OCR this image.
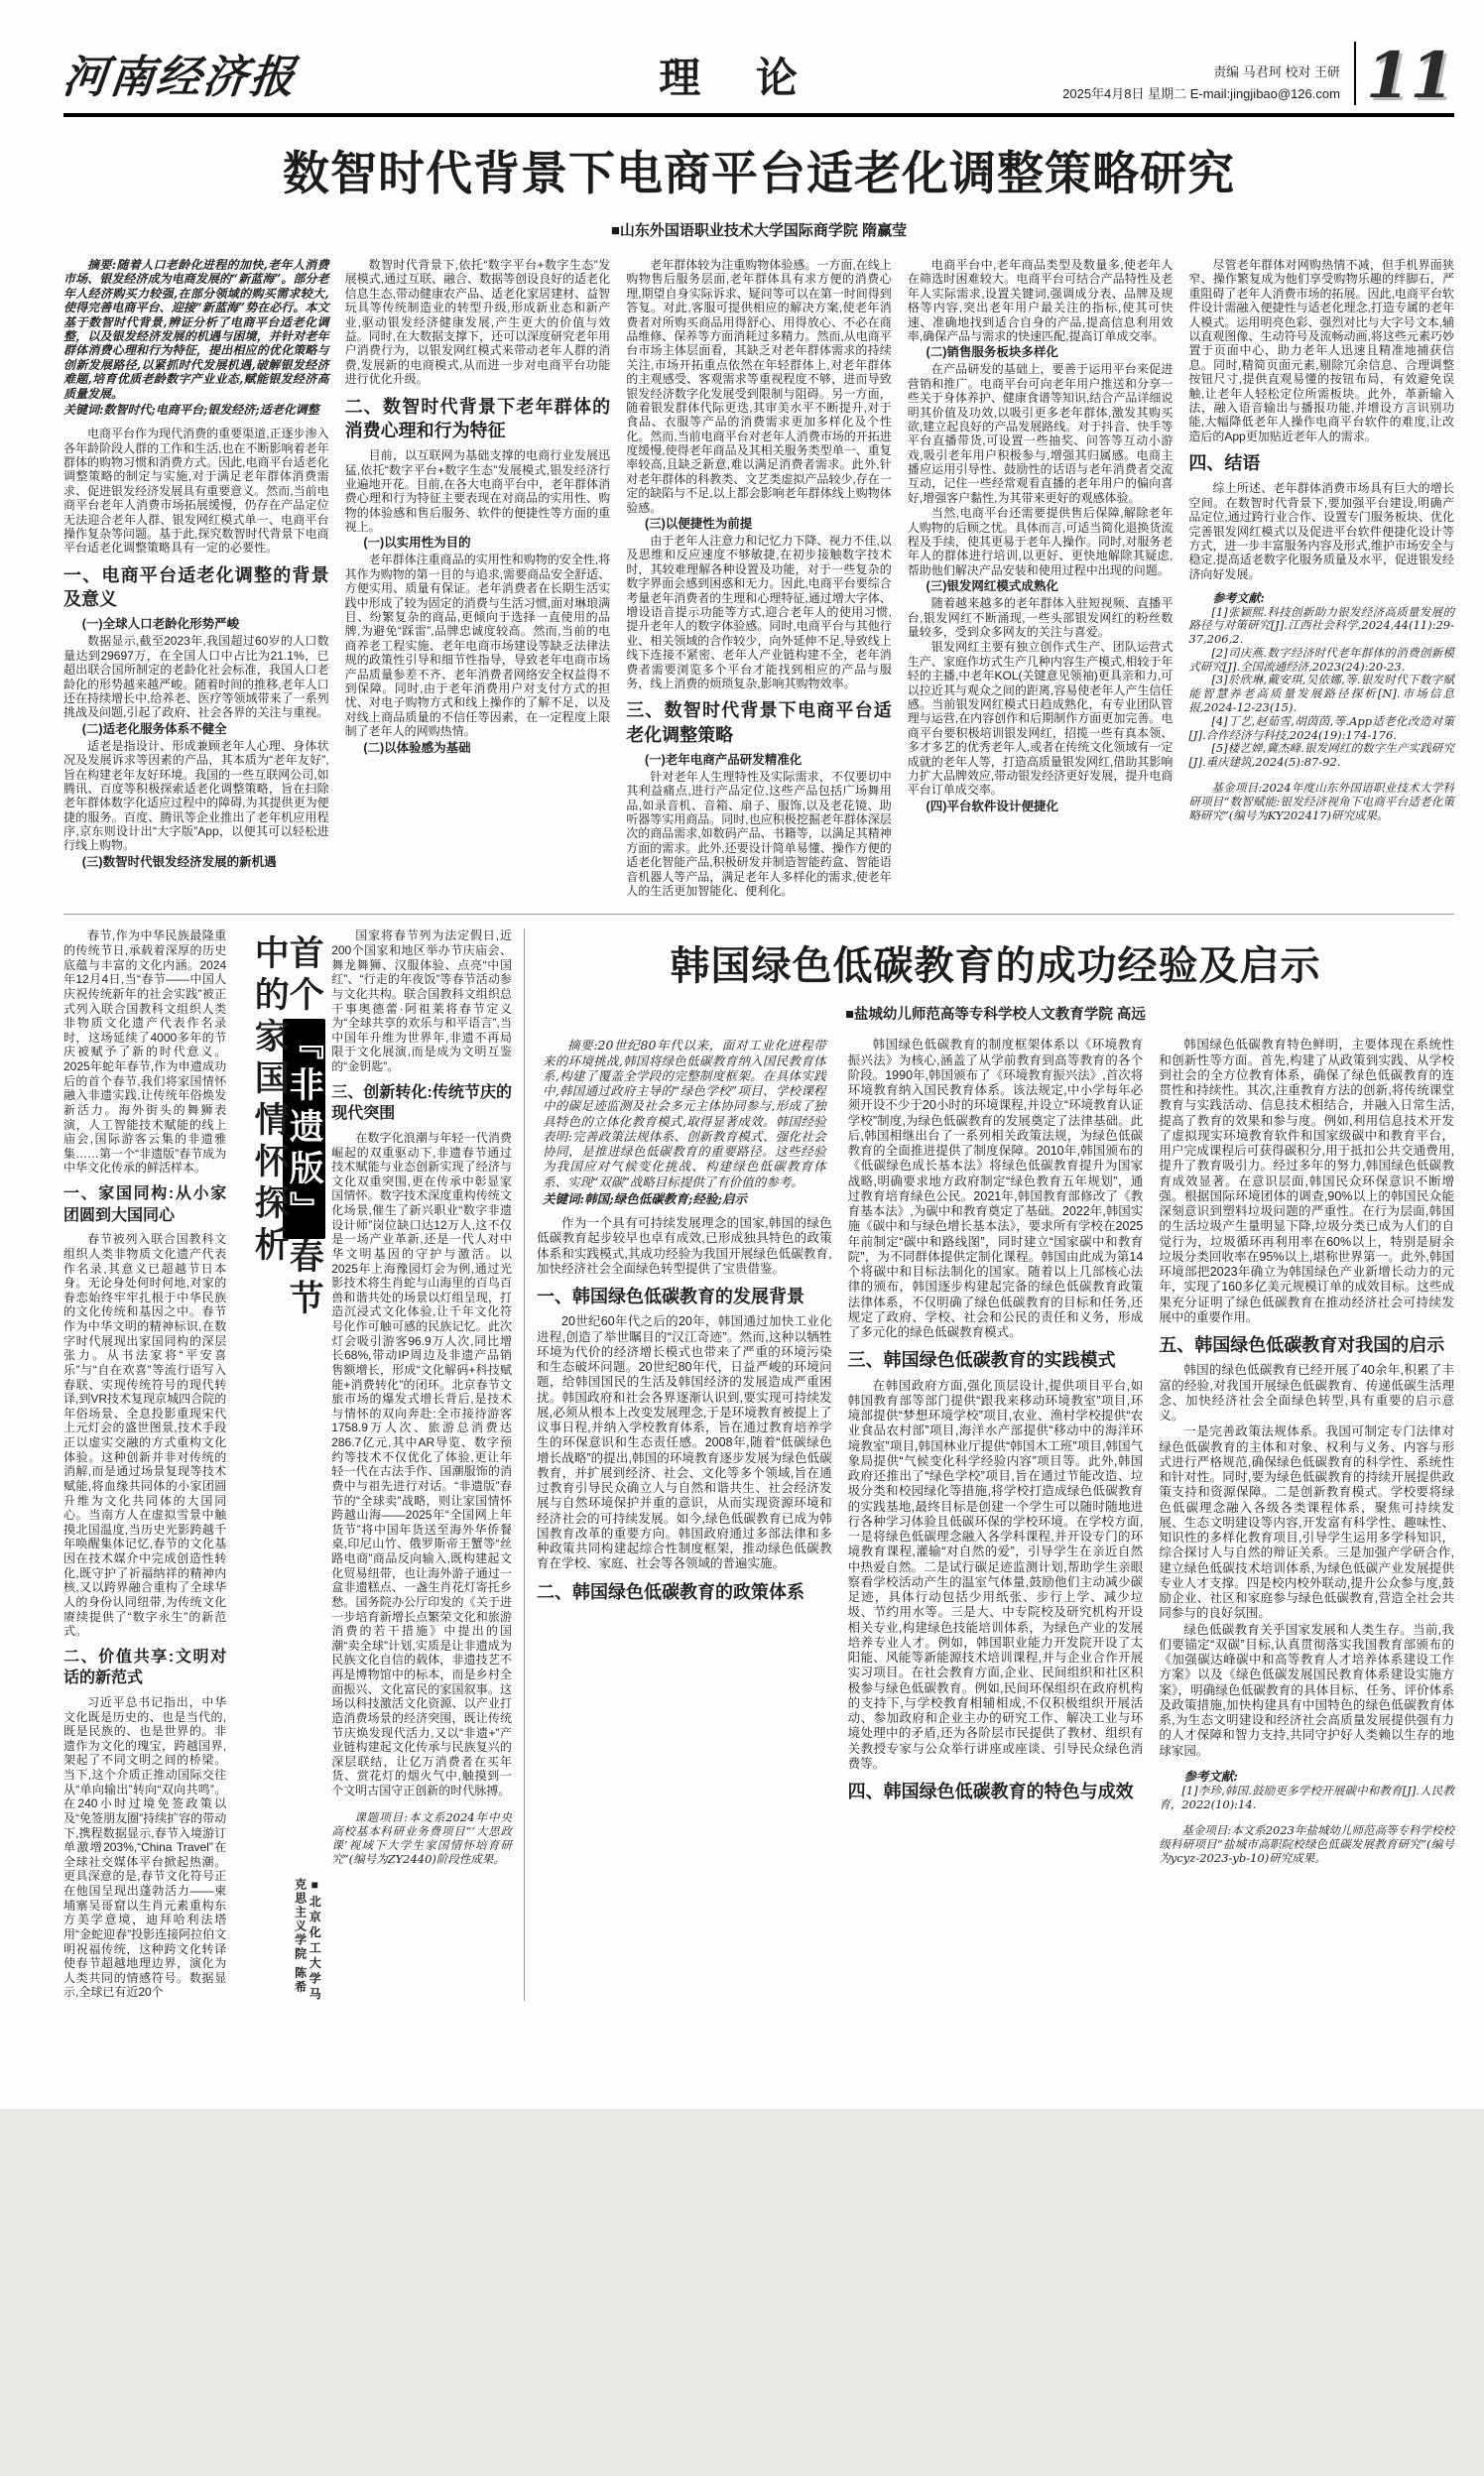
河南经济报	理 论	责编 马君珂 校对 王研
2025年4月8日 星期二 E-mail:jingjibao@126.com 11
数智时代背景下电商平台适老化调整策略研究
■山东外国语职业技术大学国际商学院 隋赢莹
摘要:随着人口老龄化进程的加快,老年人消费市场、银发经济成为电商发展的“新蓝海”。部分老年人经济购买力较强,在部分领域的购买需求较大,使得完善电商平台、迎接“新蓝海”势在必行。本文基于数智时代背景,辨证分析了电商平台适老化调整，以及银发经济发展的机遇与困境，并针对老年群体消费心理和行为特征，提出相应的优化策略与创新发展路径,以紧抓时代发展机遇,破解银发经济难题,培育优质老龄数字产业业态,赋能银发经济高质量发展。
关键词:数智时代;电商平台;银发经济;适老化调整
电商平台作为现代消费的重要渠道,正逐步渗入各年龄阶段人群的工作和生活,也在不断影响着老年群体的购物习惯和消费方式。因此,电商平台适老化调整策略的制定与实施,对于满足老年群体消费需求、促进银发经济发展具有重要意义。然而,当前电商平台老年人消费市场拓展缓慢，仍存在产品定位无法迎合老年人群、银发网红模式单一、电商平台操作复杂等问题。基于此,探究数智时代背景下电商平台适老化调整策略具有一定的必要性。
一、电商平台适老化调整的背景及意义
(一)全球人口老龄化形势严峻
数据显示,截至2023年,我国超过60岁的人口数量达到29697万，在全国人口中占比为21.1%，已超出联合国所制定的老龄化社会标准，我国人口老龄化的形势越来越严峻。随着时间的推移,老年人口还在持续增长中,给养老、医疗等领域带来了一系列挑战及问题,引起了政府、社会各界的关注与重视。
(二)适老化服务体系不健全
适老是指设计、形成兼顾老年人心理、身体状况及发展诉求等因素的产品，其本质为“老年友好”,旨在构建老年友好环境。我国的一些互联网公司,如腾讯、百度等积极探索适老化调整策略，旨在扫除老年群体数字化适应过程中的障碍,为其提供更为便捷的服务。百度、腾讯等企业推出了老年机应用程序,京东则设计出“大字版”App，以便其可以轻松进行线上购物。
(三)数智时代银发经济发展的新机遇
数智时代背景下,依托“数字平台+数字生态”发展模式,通过互联、融合、数据等创设良好的适老化信息生态,带动健康农产品、适老化家居建材、益智玩具等传统制造业的转型升级,形成新业态和新产业,驱动银发经济健康发展,产生更大的价值与效益。同时,在大数据支撑下，还可以深度研究老年用户消费行为，以银发网红模式来带动老年人群的消费,发展新的电商模式,从而进一步对电商平台功能进行优化升级。
二、数智时代背景下老年群体的消费心理和行为特征
目前，以互联网为基础支撑的电商行业发展迅猛,依托“数字平台+数字生态”发展模式,银发经济行业遍地开花。目前,在各大电商平台中，老年群体消费心理和行为特征主要表现在对商品的实用性、购物的体验感和售后服务、软件的便捷性等方面的重视上。
(一)以实用性为目的
老年群体注重商品的实用性和购物的安全性,将其作为购物的第一目的与追求,需要商品安全舒适、方便实用、质量有保证。老年消费者在长期生活实践中形成了较为固定的消费与生活习惯,面对琳琅满目、纷繁复杂的商品,更倾向于选择一直使用的品牌,为避免“踩雷”,品牌忠诚度较高。然而,当前的电商养老工程实施、老年电商市场建设等缺乏法律法规的政策性引导和细节性指导，导致老年电商市场产品质量参差不齐、老年消费者网络安全权益得不到保障。同时,由于老年消费用户对支付方式的担忧、对电子购物方式和线上操作的了解不足，以及对线上商品质量的不信任等因素，在一定程度上限制了老年人的网购热情。
(二)以体验感为基础
老年群体较为注重购物体验感。一方面,在线上购物售后服务层面,老年群体具有求方便的消费心理,期望自身实际诉求、疑问等可以在第一时间得到答复。对此,客服可提供相应的解决方案,使老年消费者对所购买商品用得舒心、用得放心、不必在商品维修、保养等方面消耗过多精力。然而,从电商平台市场主体层面看，其缺乏对老年群体需求的持续关注,市场开拓重点依然在年轻群体上,对老年群体的主观感受、客观需求等重视程度不够，进而导致银发经济数字化发展受到限制与阻碍。另一方面，随着银发群体代际更迭,其审美水平不断提升,对于食品、衣服等产品的消费需求更加多样化及个性化。然而,当前电商平台对老年人消费市场的开拓进度缓慢,使得老年商品及其相关服务类型单一、重复率较高,且缺乏新意,难以满足消费者需求。此外,针对老年群体的科教类、文艺类虚拟产品较少,存在一定的缺陷与不足,以上都会影响老年群体线上购物体验感。
(三)以便捷性为前提
由于老年人注意力和记忆力下降、视力不佳,以及思维和反应速度不够敏捷,在初步接触数字技术时，其较难理解各种设置及功能，对于一些复杂的数字界面会感到困惑和无力。因此,电商平台要综合考量老年消费者的生理和心理特征,通过增大字体、增设语音提示功能等方式,迎合老年人的使用习惯,提升老年人的数字体验感。同时,电商平台与其他行业、相关领域的合作较少，向外延伸不足,导致线上线下连接不紧密、老年人产业链构建不全，老年消费者需要浏览多个平台才能找到相应的产品与服务，线上消费的烦琐复杂,影响其购物效率。
三、数智时代背景下电商平台适老化调整策略
(一)老年电商产品研发精准化
针对老年人生理特性及实际需求，不仅要切中其利益痛点,进行产品定位,这些产品包括广场舞用品,如录音机、音箱、扇子、服饰,以及老花镜、助听器等实用商品。同时,也应积极挖掘老年群体深层次的商品需求,如数码产品、书籍等，以满足其精神方面的需求。此外,还要设计简单易懂、操作方便的适老化智能产品,积极研发并制造智能药盒、智能语音机器人等产品，满足老年人多样化的需求,使老年人的生活更加智能化、便利化。
电商平台中,老年商品类型及数量多,使老年人在筛选时困难较大。电商平台可结合产品特性及老年人实际需求,设置关键词,强调成分表、品牌及规格等内容,突出老年用户最关注的指标,使其可快速、准确地找到适合自身的产品,提高信息利用效率,确保产品与需求的快速匹配,提高订单成交率。
(二)销售服务板块多样化
在产品研发的基础上，要善于运用平台来促进营销和推广。电商平台可向老年用户推送和分享一些关于身体养护、健康食谱等知识,结合产品详细说明其价值及功效,以吸引更多老年群体,激发其购买欲,建立起良好的产品发展路线。对于抖音、快手等平台直播带货,可设置一些抽奖、问答等互动小游戏,吸引老年用户积极参与,增强其归属感。电商主播应运用引导性、鼓励性的话语与老年消费者交流互动，记住一些经常观看直播的老年用户的偏向喜好,增强客户黏性,为其带来更好的观感体验。
当然,电商平台还需要提供售后保障,解除老年人购物的后顾之忧。具体而言,可适当简化退换货流程及手续，使其更易于老年人操作。同时,对服务老年人的群体进行培训,以更好、更快地解除其疑虑,帮助他们解决产品安装和使用过程中出现的问题。
(三)银发网红模式成熟化
随着越来越多的老年群体入驻短视频、直播平台,银发网红不断涌现,一些头部银发网红的粉丝数量较多，受到众多网友的关注与喜爱。
银发网红主要有独立创作式生产、团队运营式生产、家庭作坊式生产几种内容生产模式,相较于年轻的主播,中老年KOL(关键意见领袖)更具亲和力,可以拉近其与观众之间的距离,容易使老年人产生信任感。当前银发网红模式日趋成熟化，有专业团队管理与运营,在内容创作和后期制作方面更加完善。电商平台要积极培训银发网红，招揽一些有真本领、多才多艺的优秀老年人,或者在传统文化领域有一定成就的老年人等，打造高质量银发网红,借助其影响力扩大品牌效应,带动银发经济更好发展，提升电商平台订单成交率。
(四)平台软件设计便捷化
尽管老年群体对网购热情不减，但手机界面狭窄、操作繁复成为他们享受购物乐趣的绊脚石，严重阻碍了老年人消费市场的拓展。因此,电商平台软件设计需融入便捷性与适老化理念,打造专属的老年人模式。运用明亮色彩、强烈对比与大字号文本,辅以直观图像、生动符号及流畅动画,将这些元素巧妙置于页面中心，助力老年人迅速且精准地捕获信息。同时,精简页面元素,剔除冗余信息、合理调整按钮尺寸,提供直观易懂的按钮布局，有效避免误触,让老年人轻松定位所需板块。此外，革新输入法，融入语音输出与播报功能,并增设方言识别功能,大幅降低老年人操作电商平台软件的难度,让改造后的App更加贴近老年人的需求。
四、结语
综上所述、老年群体消费市场具有巨大的增长空间。在数智时代背景下,要加强平台建设,明确产品定位,通过跨行业合作、设置专门服务板块、优化完善银发网红模式以及促进平台软件便捷化设计等方式，进一步丰富服务内容及形式,维护市场安全与稳定,提高适老数字化服务质量及水平，促进银发经济向好发展。
参考文献:
[1]张颖熙.科技创新助力银发经济高质量发展的路径与对策研究[J].江西社会科学,2024,44(11):29-37,206,2.
[2]司庆燕.数字经济时代老年群体的消费创新模式研究[J].全国流通经济,2023(24):20-23.
[3]於欣琳,戴安琪,吴依娜,等.银发时代下数字赋能智慧养老高质量发展路径探析[N].市场信息报,2024-12-23(15).
[4]丁艺,赵茹雪,胡茵茵,等.App适老化改造对策[J].合作经济与科技,2024(19):174-176.
[5]楼艺婵,冀杰峰.银发网红的数字生产实践研究[J].重庆建筑,2024(5):87-92.
基金项目:2024年度山东外国语职业技术大学科研项目“数智赋能:银发经济视角下电商平台适老化策略研究”(编号为KY202417)研究成果。
春节,作为中华民族最隆重的传统节日,承载着深厚的历史底蕴与丰富的文化内涵。2024年12月4日,当“春节——中国人庆祝传统新年的社会实践”被正式列入联合国教科文组织人类非物质文化遗产代表作名录时，这场延续了4000多年的节庆被赋予了新的时代意义。2025年蛇年春节,作为申遗成功后的首个春节,我们将家国情怀融入非遗实践,让传统年俗焕发新活力。海外街头的舞狮表演，人工智能技术赋能的线上庙会,国际游客云集的非遗雅集……第一个“非遗版”春节成为中华文化传承的鲜活样本。
一、家国同构:从小家团圆到大国同心
春节被列入联合国教科文组织人类非物质文化遗产代表作名录,其意义已超越节日本身。无论身处何时何地,对家的眷恋始终牢牢扎根于中华民族的文化传统和基因之中。春节作为中华文明的精神标识,在数字时代展现出家国同构的深层张力。从书法家将“平安喜乐”与“自在欢喜”等流行语写入春联、实现传统符号的现代转译,到VR技术复现京城四合院的年俗场景、全息投影重现宋代上元灯会的盛世图景,技术手段正以虚实交融的方式重构文化体验。这种创新并非对传统的消解,而是通过场景复现等技术赋能,将血缘共同体的小家团圆升维为文化共同体的大国同心。当南方人在虚拟雪景中触摸北国温度,当历史光影跨越千年唤醒集体记忆,春节的文化基因在技术媒介中完成创造性转化,既守护了祈福纳祥的精神内核,又以跨界融合重构了全球华人的身份认同纽带,为传统文化赓续提供了“数字永生”的新范式。
二、价值共享:文明对话的新范式
习近平总书记指出，中华文化既是历史的、也是当代的,既是民族的、也是世界的。非遗作为文化的瑰宝，跨越国界,架起了不同文明之间的桥梁。当下,这个介质正推动国际交往从“单向输出”转向“双向共鸣”。在240小时过境免签政策以及“免签朋友圈”持续扩容的带动下,携程数据显示,春节入境游订单激增203%,“China Travel”在全球社交媒体平台掀起热潮。更具深意的是,春节文化符号正在他国呈现出蓬勃活力——柬埔寨吴哥窟以生肖元素重构东方美学意境，迪拜哈利法塔用“金蛇迎春”投影连接阿拉伯文明祝福传统，这种跨文化转译使春节超越地理边界，演化为人类共同的情感符号。数据显示,全球已有近20个
首个『非遗版』春节中的家国情怀探析
■北京化工大学马克思主义学院 陈希
国家将春节列为法定假日,近200个国家和地区举办节庆庙会、舞龙舞狮、汉服体验、点亮“中国红”、“行走的年夜饭”等春节活动参与文化共构。联合国教科文组织总干事奥德蕾·阿祖莱将春节定义为“全球共享的欢乐与和平语言”,当中国年升维为世界年,非遗不再局限于文化展演,而是成为文明互鉴的“金钥匙”。
三、创新转化:传统节庆的现代突围
在数字化浪潮与年轻一代消费崛起的双重驱动下,非遗春节通过技术赋能与业态创新实现了经济与文化双重突围,更在传承中彰显家国情怀。数字技术深度重构传统文化场景,催生了新兴职业“数字非遗设计师”岗位缺口达12万人,这不仅是一场产业革新,还是一代人对中华文明基因的守护与激活。以2025年上海豫园灯会为例,通过光影技术将生肖蛇与山海里的百鸟百兽和谐共处的场景以灯组呈现，打造沉浸式文化体验,让千年文化符号化作可触可感的民族记忆。此次灯会吸引游客96.9万人次,同比增长68%,带动IP周边及非遗产品销售额增长，形成“文化解码+科技赋能+消费转化”的闭环。北京春节文旅市场的爆发式增长背后,是技术与情怀的双向奔赴:全市接待游客1758.9万人次、旅游总消费达286.7亿元,其中AR导览、数字预约等技术不仅优化了体验,更让年轻一代在古法手作、国潮服饰的消费中与祖先进行对话。“非遗版”春节的“全球卖”战略，则让家国情怀跨越山海——2025年“全国网上年货节”将中国年货送至海外华侨餐桌,印尼山竹、俄罗斯帝王蟹等“丝路电商”商品反向输入,既构建起文化贸易纽带，也让海外游子通过一盒非遗糕点、一盏生肖花灯寄托乡愁。国务院办公厅印发的《关于进一步培育新增长点繁荣文化和旅游消费的若干措施》中提出的国潮“卖全球”计划,实质是让非遗成为民族文化自信的载体，非遗技艺不再是博物馆中的标本，而是乡村全面振兴、文化富民的家国叙事。这场以科技激活文化资源、以产业打造消费场景的经济突围，既让传统节庆焕发现代活力,又以“非遗+”产业链构建起文化传承与民族复兴的深层联结，让亿万消费者在买年货、赏花灯的烟火气中,触摸到一个文明古国守正创新的时代脉搏。
课题项目:本文系2024年中央高校基本科研业务费项目“‘大思政课’视域下大学生家国情怀培育研究”(编号为ZY2440)阶段性成果。
韩国绿色低碳教育的成功经验及启示
■盐城幼儿师范高等专科学校人文教育学院 高远
摘要:20世纪80年代以来，面对工业化进程带来的环境挑战,韩国将绿色低碳教育纳入国民教育体系,构建了覆盖全学段的完整制度框架。在具体实践中,韩国通过政府主导的“绿色学校”项目、学校课程中的碳足迹监测及社会多元主体协同参与,形成了独具特色的立体化教育模式,取得显著成效。韩国经验表明:完善政策法规体系、创新教育模式、强化社会协同，是推进绿色低碳教育的重要路径。这些经验为我国应对气候变化挑战、构建绿色低碳教育体系、实现“双碳”战略目标提供了有价值的参考。
关键词:韩国;绿色低碳教育;经验;启示
作为一个具有可持续发展理念的国家,韩国的绿色低碳教育起步较早也卓有成效,已形成独具特色的政策体系和实践模式,其成功经验为我国开展绿色低碳教育,加快经济社会全面绿色转型提供了宝贵借鉴。
一、韩国绿色低碳教育的发展背景
20世纪60年代之后的20年，韩国通过加快工业化进程,创造了举世瞩目的“汉江奇迹”。然而,这种以牺牲环境为代价的经济增长模式也带来了严重的环境污染和生态破坏问题。20世纪80年代，日益严峻的环境问题，给韩国国民的生活及韩国经济的发展造成严重困扰。韩国政府和社会各界逐渐认识到,要实现可持续发展,必须从根本上改变发展理念,于是环境教育被提上了议事日程,并纳入学校教育体系，旨在通过教育培养学生的环保意识和生态责任感。2008年,随着“低碳绿色增长战略”的提出,韩国的环境教育逐步发展为绿色低碳教育，并扩展到经济、社会、文化等多个领域,旨在通过教育引导民众确立人与自然和谐共生、社会经济发展与自然环境保护并重的意识，从而实现资源环境和经济社会的可持续发展。如今,绿色低碳教育已成为韩国教育改革的重要方向。韩国政府通过多部法律和多种政策共同构建起综合性制度框架，推动绿色低碳教育在学校、家庭、社会等各领域的普遍实施。
二、韩国绿色低碳教育的政策体系
韩国绿色低碳教育的制度框架体系以《环境教育振兴法》为核心,涵盖了从学前教育到高等教育的各个阶段。1990年,韩国颁布了《环境教育振兴法》,首次将环境教育纳入国民教育体系。该法规定,中小学每年必须开设不少于20小时的环境课程,并设立“环境教育认证学校”制度,为绿色低碳教育的发展奠定了法律基础。此后,韩国相继出台了一系列相关政策法规，为绿色低碳教育的全面推进提供了制度保障。2010年,韩国颁布的《低碳绿色成长基本法》将绿色低碳教育提升为国家战略,明确要求地方政府制定“绿色教育五年规划”，通过教育培育绿色公民。2021年,韩国教育部修改了《教育基本法》,为碳中和教育奠定了基础。2022年,韩国实施《碳中和与绿色增长基本法》，要求所有学校在2025年前制定“碳中和路线图”，同时建立“国家碳中和教育院”，为不同群体提供定制化课程。韩国由此成为第14个将碳中和目标法制化的国家。随着以上几部核心法律的颁布，韩国逐步构建起完备的绿色低碳教育政策法律体系，不仅明确了绿色低碳教育的目标和任务,还规定了政府、学校、社会和公民的责任和义务，形成了多元化的绿色低碳教育模式。
三、韩国绿色低碳教育的实践模式
在韩国政府方面,强化顶层设计,提供项目平台,如韩国教育部等部门提供“跟我来移动环境教室”项目,环境部提供“梦想环境学校”项目,农业、渔村学校提供“农业食品农村部”项目,海洋水产部提供“移动中的海洋环境教室”项目,韩国林业厅提供“韩国木工班”项目,韩国气象局提供“气候变化科学经验内容”项目等。此外,韩国政府还推出了“绿色学校”项目,旨在通过节能改造、垃圾分类和校园绿化等措施,将学校打造成绿色低碳教育的实践基地,最终目标是创建一个学生可以随时随地进行各种学习体验且低碳环保的学校环境。在学校方面,一是将绿色低碳理念融入各学科课程,并开设专门的环境教育课程,灌输“对自然的爱”，引导学生在亲近自然中热爱自然。二是试行碳足迹监测计划,帮助学生亲眼察看学校活动产生的温室气体量,鼓励他们主动减少碳足迹，具体行动包括少用纸张、步行上学、减少垃圾、节约用水等。三是大、中专院校及研究机构开设相关专业,构建绿色技能培训体系，为绿色产业的发展培养专业人才。例如，韩国职业能力开发院开设了太阳能、风能等新能源技术培训课程,并与企业合作开展实习项目。在社会教育方面,企业、民间组织和社区积极参与绿色低碳教育。例如,民间环保组织在政府机构的支持下,与学校教育相辅相成,不仅积极组织开展活动、参加政府和企业主办的研究工作、解决工业与环境处理中的矛盾,还为各阶层市民提供了教材、组织有关教授专家与公众举行讲座或座谈、引导民众绿色消费等。
四、韩国绿色低碳教育的特色与成效
韩国绿色低碳教育特色鲜明，主要体现在系统性和创新性等方面。首先,构建了从政策到实践、从学校到社会的全方位教育体系，确保了绿色低碳教育的连贯性和持续性。其次,注重教育方法的创新,将传统课堂教育与实践活动、信息技术相结合，并融入日常生活,提高了教育的效果和参与度。例如,利用信息技术开发了虚拟现实环境教育软件和国家级碳中和教育平台，用户完成课程后可获得碳积分,用于抵扣公共交通费用,提升了教育吸引力。经过多年的努力,韩国绿色低碳教育成效显著。在意识层面,韩国民众环保意识不断增强。根据国际环境团体的调查,90%以上的韩国民众能深刻意识到塑料垃圾问题的严重性。在行为层面,韩国的生活垃圾产生量明显下降,垃圾分类已成为人们的自觉行为，垃圾循环再利用率在60%以上，特别是厨余垃圾分类回收率在95%以上,堪称世界第一。此外,韩国环境部把2023年确立为韩国绿色产业新增长动力的元年，实现了160多亿美元规模订单的成效目标。这些成果充分证明了绿色低碳教育在推动经济社会可持续发展中的重要作用。
五、韩国绿色低碳教育对我国的启示
韩国的绿色低碳教育已经开展了40余年,积累了丰富的经验,对我国开展绿色低碳教育、传递低碳生活理念、加快经济社会全面绿色转型,具有重要的启示意义。
一是完善政策法规体系。我国可制定专门法律对绿色低碳教育的主体和对象、权利与义务、内容与形式进行严格规范,确保绿色低碳教育的科学性、系统性和针对性。同时,要为绿色低碳教育的持续开展提供政策支持和资源保障。二是创新教育模式。学校要将绿色低碳理念融入各级各类课程体系，聚焦可持续发展、生态文明建设等内容,开发富有科学性、趣味性、知识性的多样化教育项目,引导学生运用多学科知识，综合探讨人与自然的辩证关系。三是加强产学研合作,建立绿色低碳技术培训体系,为绿色低碳产业发展提供专业人才支撑。四是校内校外联动,提升公众参与度,鼓励企业、社区和家庭参与绿色低碳教育,营造全社会共同参与的良好氛围。
绿色低碳教育关乎国家发展和人类生存。当前,我们要锚定“双碳”目标,认真贯彻落实我国教育部颁布的《加强碳达峰碳中和高等教育人才培养体系建设工作方案》以及《绿色低碳发展国民教育体系建设实施方案》，明确绿色低碳教育的具体目标、任务、评价体系及政策措施,加快构建具有中国特色的绿色低碳教育体系,为生态文明建设和经济社会高质量发展提供强有力的人才保障和智力支持,共同守护好人类赖以生存的地球家园。
参考文献:
[1]李珍,韩国.鼓励更多学校开展碳中和教育[J].人民教育，2022(10):14.
基金项目:本文系2023年盐城幼儿师范高等专科学校校级科研项目“盐城市高职院校绿色低碳发展教育研究”(编号为ycyz-2023-yb-10)研究成果。
